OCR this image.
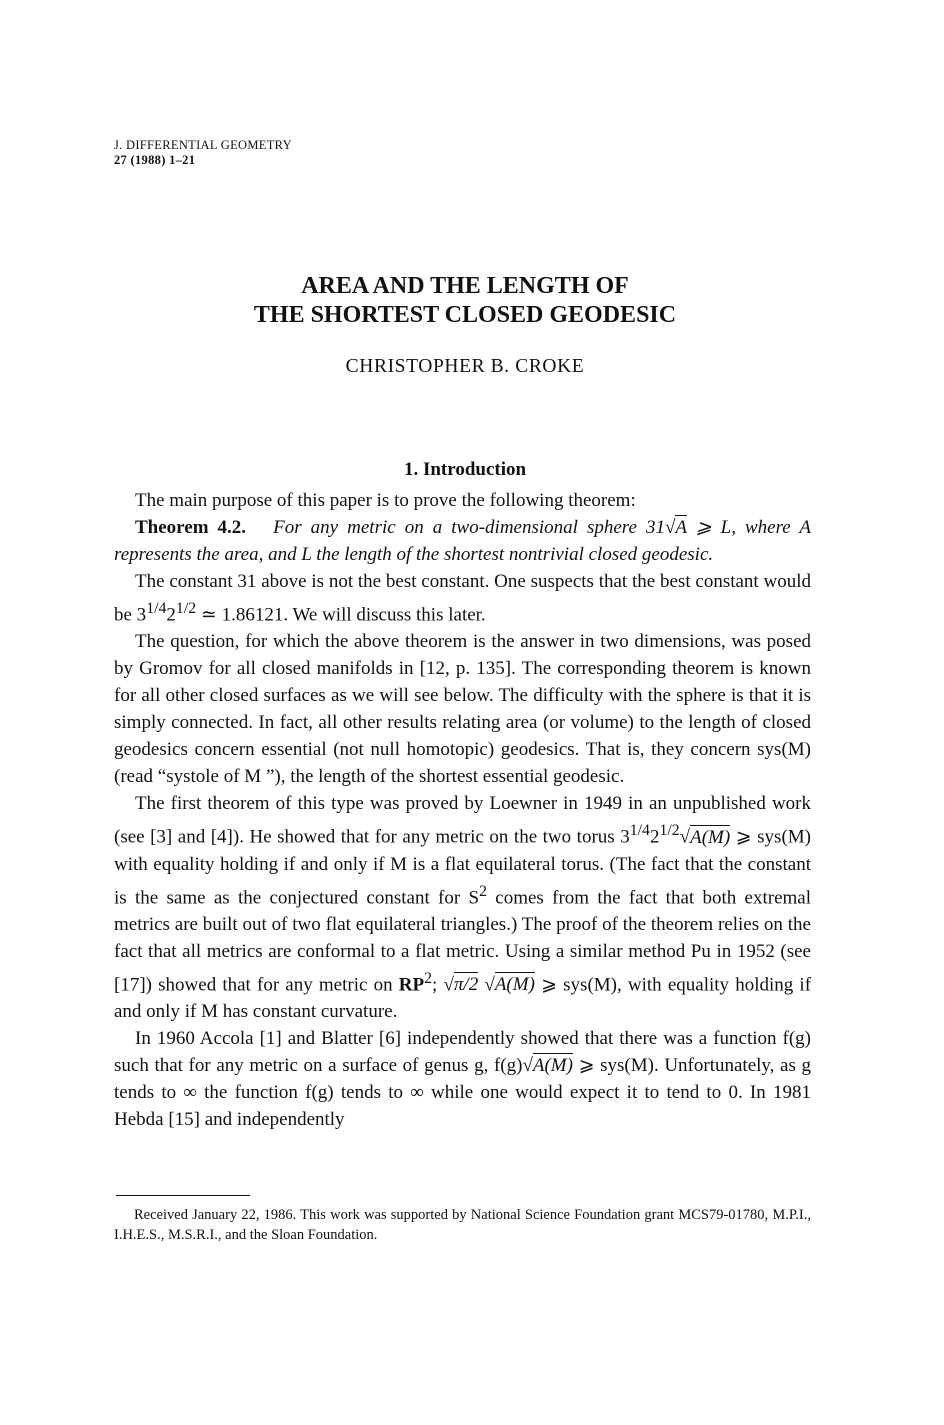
J. DIFFERENTIAL GEOMETRY
27 (1988) 1–21
AREA AND THE LENGTH OF
THE SHORTEST CLOSED GEODESIC
CHRISTOPHER B. CROKE
1. Introduction

The main purpose of this paper is to prove the following theorem:

Theorem 4.2. For any metric on a two-dimensional sphere 31√A ⩾ L, where A represents the area, and L the length of the shortest nontrivial closed geodesic.

The constant 31 above is not the best constant. One suspects that the best constant would be $3^{1/4}2^{1/2}$ ≃ 1.86121. We will discuss this later.

The question, for which the above theorem is the answer in two dimensions, was posed by Gromov for all closed manifolds in [12, p. 135]. The corresponding theorem is known for all other closed surfaces as we will see below. The difficulty with the sphere is that it is simply connected. In fact, all other results relating area (or volume) to the length of closed geodesics concern essential (not null homotopic) geodesics. That is, they concern sys(M) (read “systole of M ”), the length of the shortest essential geodesic.

The first theorem of this type was proved by Loewner in 1949 in an unpublished work (see [3] and [4]). He showed that for any metric on the two torus $3^{1/4}2^{1/2}√A(M)$ ⩾ sys(M) with equality holding if and only if M is a flat equilateral torus. (The fact that the constant is the same as the conjectured constant for $S^2$ comes from the fact that both extremal metrics are built out of two flat equilateral triangles.) The proof of the theorem relies on the fact that all metrics are conformal to a flat metric. Using a similar method Pu in 1952 (see [17]) showed that for any metric on $RP^2$; √π/2 √A(M) ⩾ sys(M), with equality holding if and only if M has constant curvature.

In 1960 Accola [1] and Blatter [6] independently showed that there was a function f(g) such that for any metric on a surface of genus g, f(g)√A(M) ⩾ sys(M). Unfortunately, as g tends to ∞ the function f(g) tends to ∞ while one would expect it to tend to 0. In 1981 Hebda [15] and independently

Received January 22, 1986. This work was supported by National Science Foundation grant MCS79-01780, M.P.I., I.H.E.S., M.S.R.I., and the Sloan Foundation.
